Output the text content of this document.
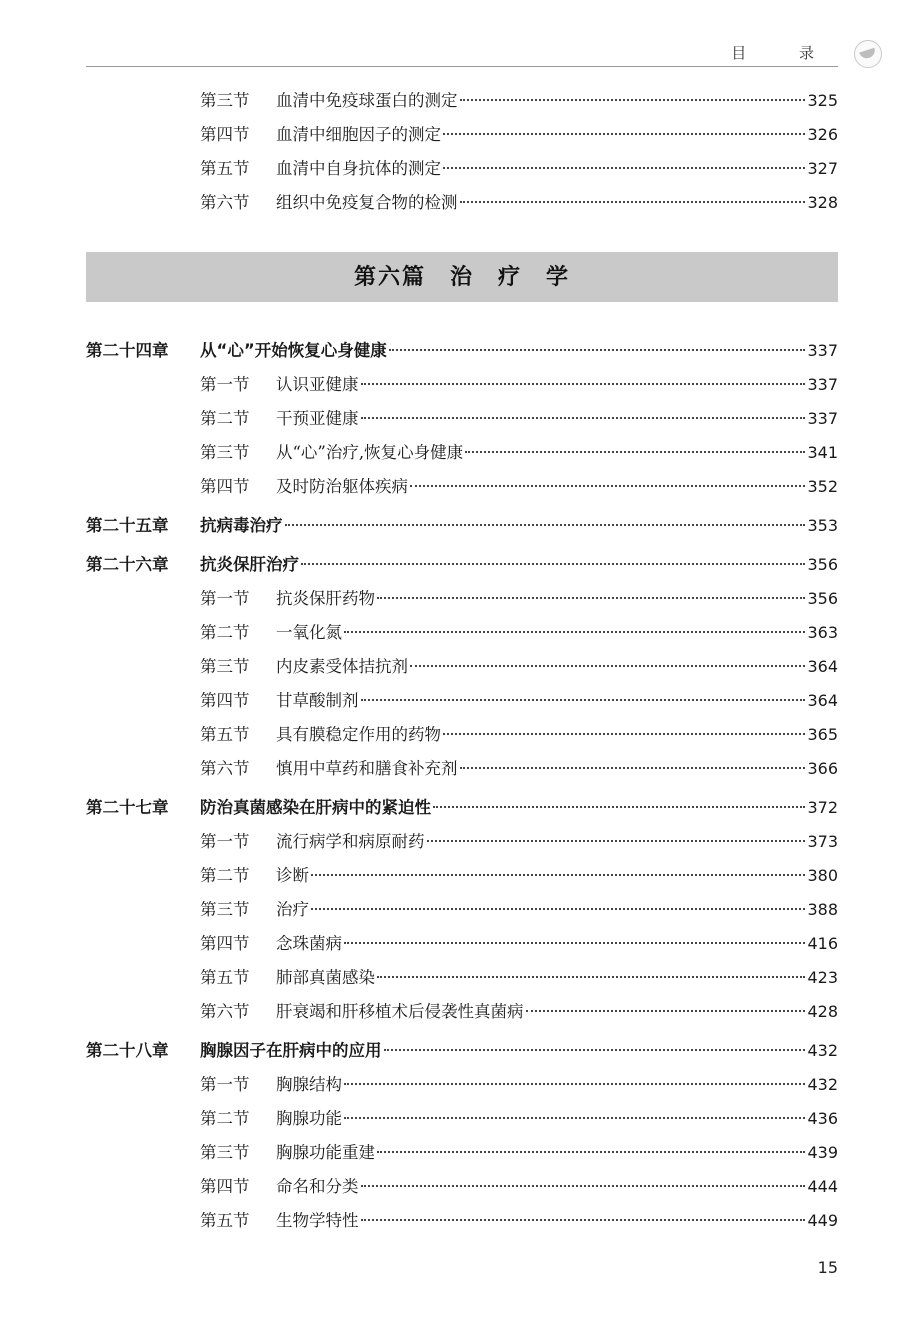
目 录
第三节	血清中免疫球蛋白的测定	325
第四节	血清中细胞因子的测定	326
第五节	血清中自身抗体的测定	327
第六节	组织中免疫复合物的检测	328
第六篇　治　疗　学
第二十四章	从“心”开始恢复心身健康	337
第一节	认识亚健康	337
第二节	干预亚健康	337
第三节	从“心”治疗,恢复心身健康	341
第四节	及时防治躯体疾病	352
第二十五章	抗病毒治疗	353
第二十六章	抗炎保肝治疗	356
第一节	抗炎保肝药物	356
第二节	一氧化氮	363
第三节	内皮素受体拮抗剂	364
第四节	甘草酸制剂	364
第五节	具有膜稳定作用的药物	365
第六节	慎用中草药和膳食补充剂	366
第二十七章	防治真菌感染在肝病中的紧迫性	372
第一节	流行病学和病原耐药	373
第二节	诊断	380
第三节	治疗	388
第四节	念珠菌病	416
第五节	肺部真菌感染	423
第六节	肝衰竭和肝移植术后侵袭性真菌病	428
第二十八章	胸腺因子在肝病中的应用	432
第一节	胸腺结构	432
第二节	胸腺功能	436
第三节	胸腺功能重建	439
第四节	命名和分类	444
第五节	生物学特性	449
15
